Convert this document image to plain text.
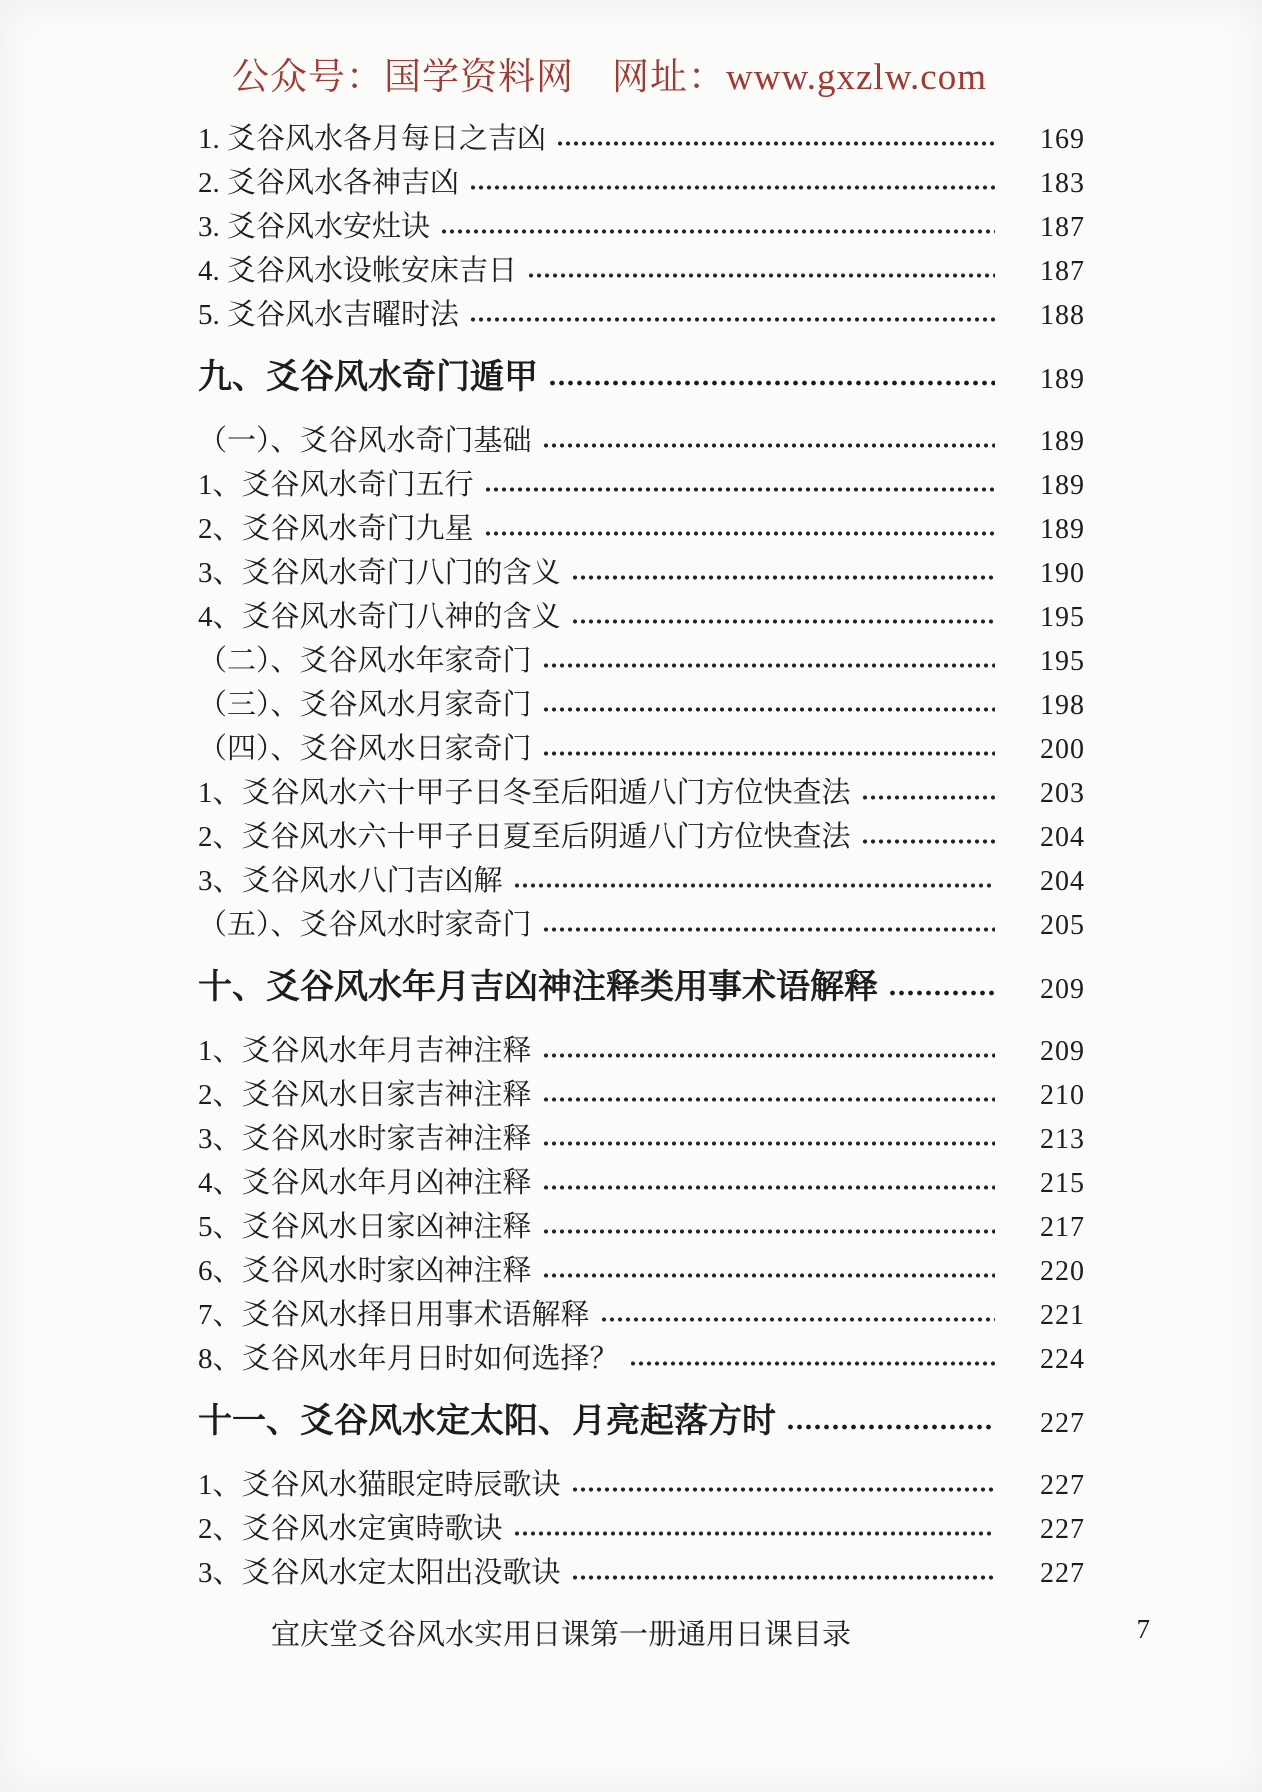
公众号：国学资料网　网址：www.gxzlw.com
1. 爻谷风水各月每日之吉凶	169
2. 爻谷风水各神吉凶	183
3. 爻谷风水安灶诀	187
4. 爻谷风水设帐安床吉日	187
5. 爻谷风水吉曜时法	188
九、爻谷风水奇门遁甲	189
（一）、爻谷风水奇门基础	189
1、爻谷风水奇门五行	189
2、爻谷风水奇门九星	189
3、爻谷风水奇门八门的含义	190
4、爻谷风水奇门八神的含义	195
（二）、爻谷风水年家奇门	195
（三）、爻谷风水月家奇门	198
（四）、爻谷风水日家奇门	200
1、爻谷风水六十甲子日冬至后阳遁八门方位快查法	203
2、爻谷风水六十甲子日夏至后阴遁八门方位快查法	204
3、爻谷风水八门吉凶解	204
（五）、爻谷风水时家奇门	205
十、爻谷风水年月吉凶神注释类用事术语解释	209
1、爻谷风水年月吉神注释	209
2、爻谷风水日家吉神注释	210
3、爻谷风水时家吉神注释	213
4、爻谷风水年月凶神注释	215
5、爻谷风水日家凶神注释	217
6、爻谷风水时家凶神注释	220
7、爻谷风水择日用事术语解释	221
8、爻谷风水年月日时如何选择？	224
十一、爻谷风水定太阳、月亮起落方时	227
1、爻谷风水猫眼定時辰歌诀	227
2、爻谷风水定寅時歌诀	227
3、爻谷风水定太阳出没歌诀	227
宜庆堂爻谷风水实用日课第一册通用日课目录	7
